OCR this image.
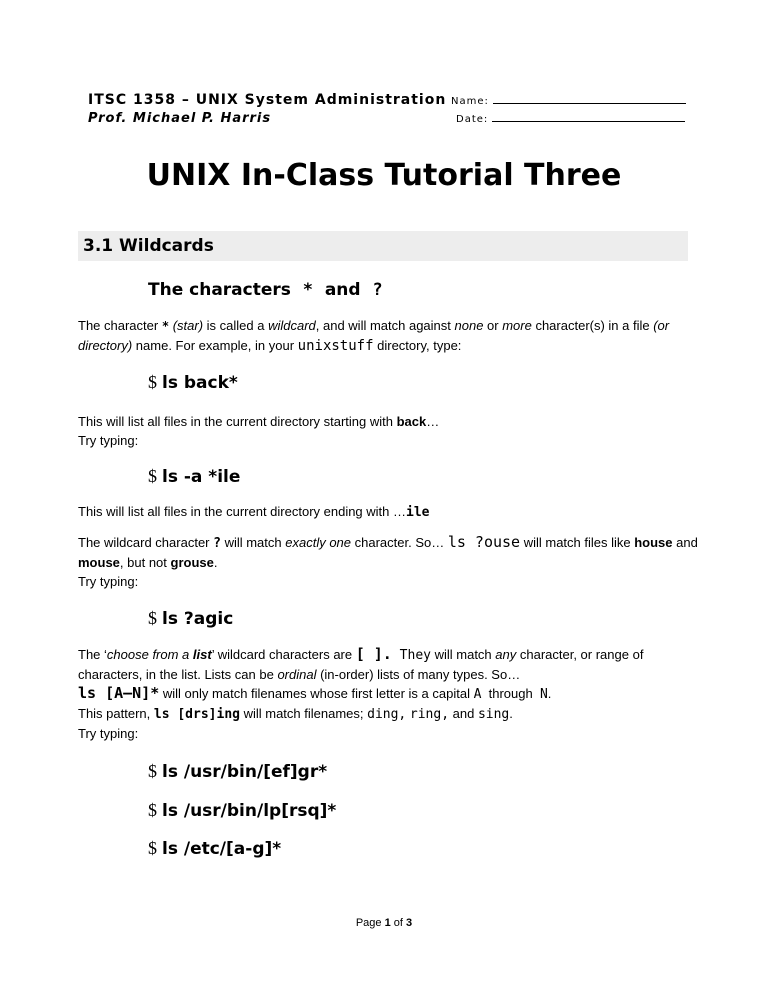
ITSC 1358 – UNIX System Administration
Prof. Michael P. Harris
Name:
Date:
UNIX In-Class Tutorial Three
3.1 Wildcards
The characters * and ?

The character * (star) is called a wildcard, and will match against none or more character(s) in a file (or directory) name. For example, in your unixstuff directory, type:

$ ls back*

This will list all files in the current directory starting with back…
Try typing:

$ ls -a *ile

This will list all files in the current directory ending with …ile

The wildcard character ? will match exactly one character. So… ls ?ouse will match files like house and mouse, but not grouse.
Try typing:

$ ls ?agic

The ‘choose from a list’ wildcard characters are [ ]. They will match any character, or range of characters, in the list. Lists can be ordinal (in-order) lists of many types. So…
ls [A–N]* will only match filenames whose first letter is a capital A through N.
This pattern, ls [drs]ing will match filenames; ding, ring, and sing.
Try typing:

$ ls /usr/bin/[ef]gr*
$ ls /usr/bin/lp[rsq]*
$ ls /etc/[a-g]*
Page 1 of 3
